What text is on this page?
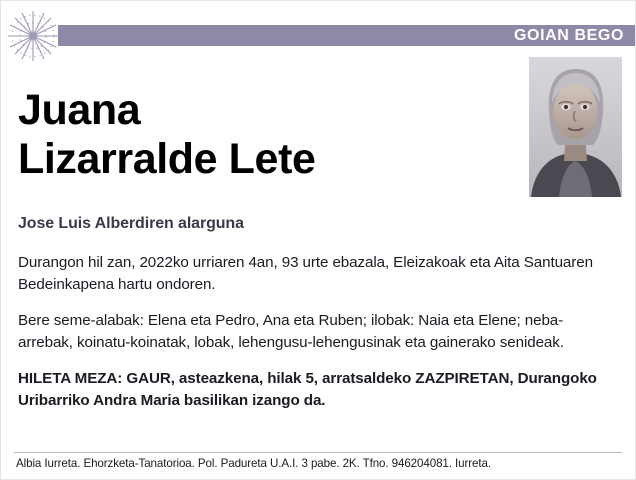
GOIAN BEGO
Juana
Lizarralde Lete
Jose Luis Alberdiren alarguna

Durangon hil zan, 2022ko urriaren 4an, 93 urte ebazala, Eleizakoak eta Aita Santuaren Bedeinkapena hartu ondoren.

Bere seme-alabak: Elena eta Pedro, Ana eta Ruben; ilobak: Naia eta Elene; neba-arrebak, koinatu-koinatak, lobak, lehengusu-lehengusinak eta gainerako senideak.

HILETA MEZA: GAUR, asteazkena, hilak 5, arratsaldeko ZAZPIRETAN, Durangoko Uribarriko Andra Maria basilikan izango da.

Albia Iurreta. Ehorzketa-Tanatorioa. Pol. Padureta U.A.I. 3 pabe. 2K. Tfno. 946204081. Iurreta.
